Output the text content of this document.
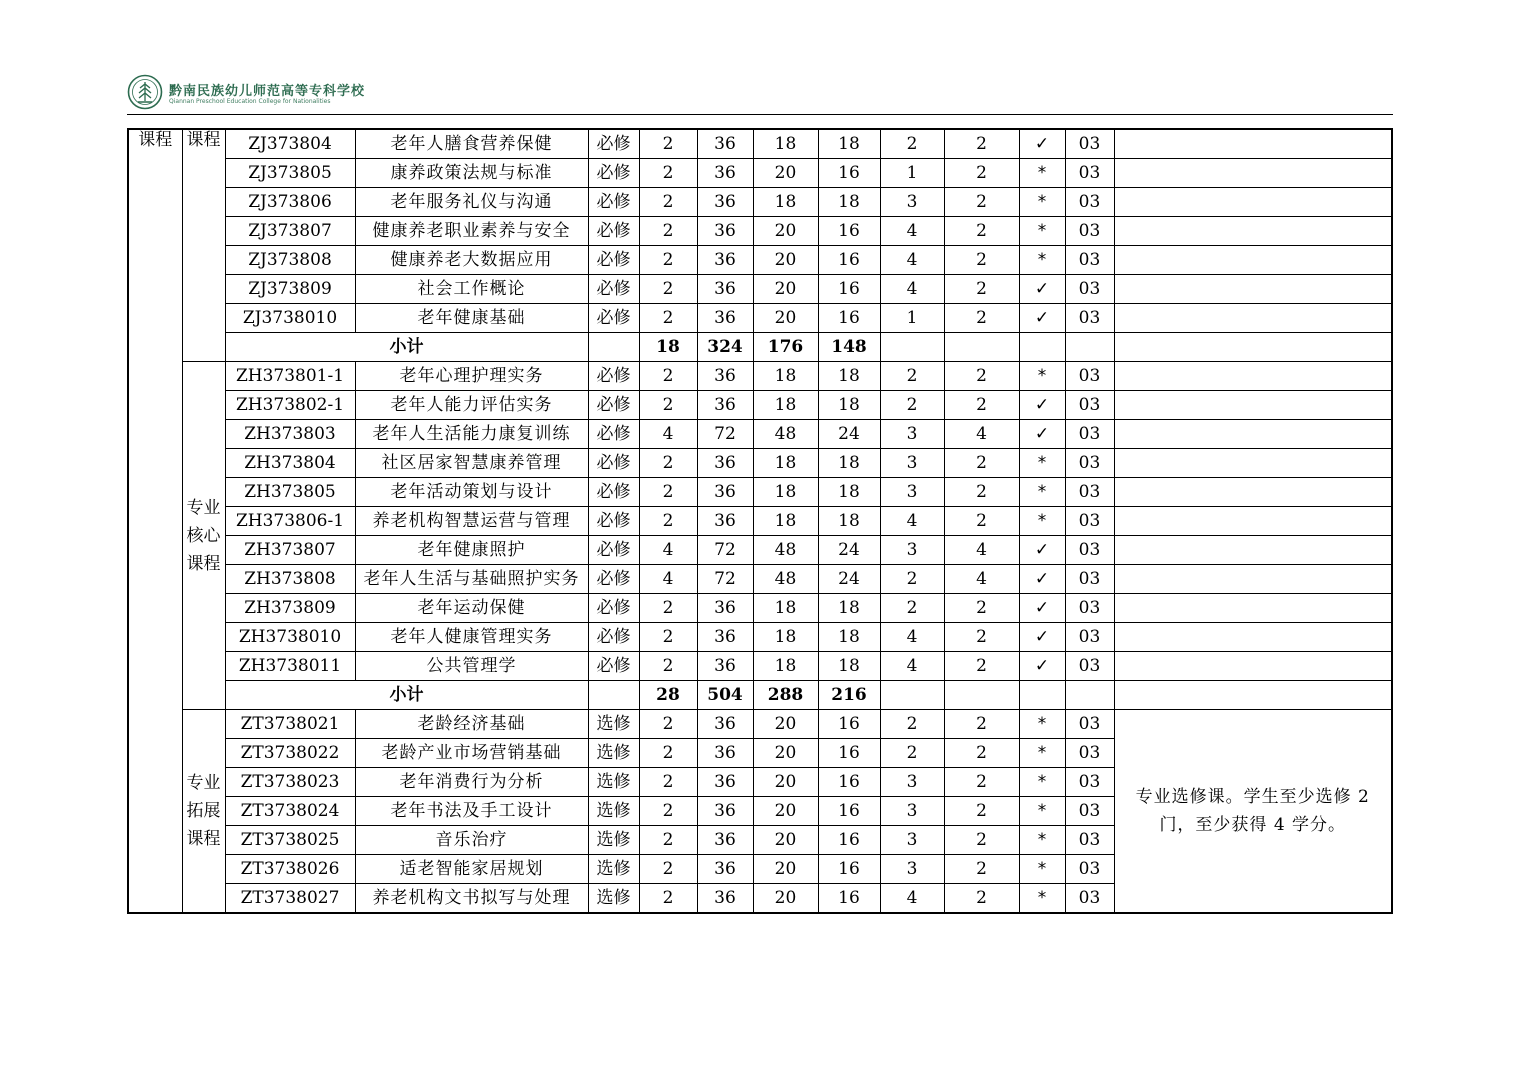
黔南民族幼儿师范高等专科学校
Qiannan Preschool Education College for Nationalities
课程	课程	ZJ373804	老年人膳食营养保健	必修	2	36	18	18	2	2	✓	03	
		ZJ373805	康养政策法规与标准	必修	2	36	20	16	1	2	*	03	
		ZJ373806	老年服务礼仪与沟通	必修	2	36	18	18	3	2	*	03	
		ZJ373807	健康养老职业素养与安全	必修	2	36	20	16	4	2	*	03	
		ZJ373808	健康养老大数据应用	必修	2	36	20	16	4	2	*	03	
		ZJ373809	社会工作概论	必修	2	36	20	16	4	2	✓	03	
		ZJ3738010	老年健康基础	必修	2	36	20	16	1	2	✓	03	
		小计			18	324	176	148					
	专业核心课程	ZH373801-1	老年心理护理实务	必修	2	36	18	18	2	2	*	03	
		ZH373802-1	老年人能力评估实务	必修	2	36	18	18	2	2	✓	03	
		ZH373803	老年人生活能力康复训练	必修	4	72	48	24	3	4	✓	03	
		ZH373804	社区居家智慧康养管理	必修	2	36	18	18	3	2	*	03	
		ZH373805	老年活动策划与设计	必修	2	36	18	18	3	2	*	03	
		ZH373806-1	养老机构智慧运营与管理	必修	2	36	18	18	4	2	*	03	
		ZH373807	老年健康照护	必修	4	72	48	24	3	4	✓	03	
		ZH373808	老年人生活与基础照护实务	必修	4	72	48	24	2	4	✓	03	
		ZH373809	老年运动保健	必修	2	36	18	18	2	2	✓	03	
		ZH3738010	老年人健康管理实务	必修	2	36	18	18	4	2	✓	03	
		ZH3738011	公共管理学	必修	2	36	18	18	4	2	✓	03	
		小计			28	504	288	216					
	专业拓展课程	ZT3738021	老龄经济基础	选修	2	36	20	16	2	2	*	03	专业选修课。学生至少选修 2 门，至少获得 4 学分。
		ZT3738022	老龄产业市场营销基础	选修	2	36	20	16	2	2	*	03	
		ZT3738023	老年消费行为分析	选修	2	36	20	16	3	2	*	03	
		ZT3738024	老年书法及手工设计	选修	2	36	20	16	3	2	*	03	
		ZT3738025	音乐治疗	选修	2	36	20	16	3	2	*	03	
		ZT3738026	适老智能家居规划	选修	2	36	20	16	3	2	*	03	
		ZT3738027	养老机构文书拟写与处理	选修	2	36	20	16	4	2	*	03	
